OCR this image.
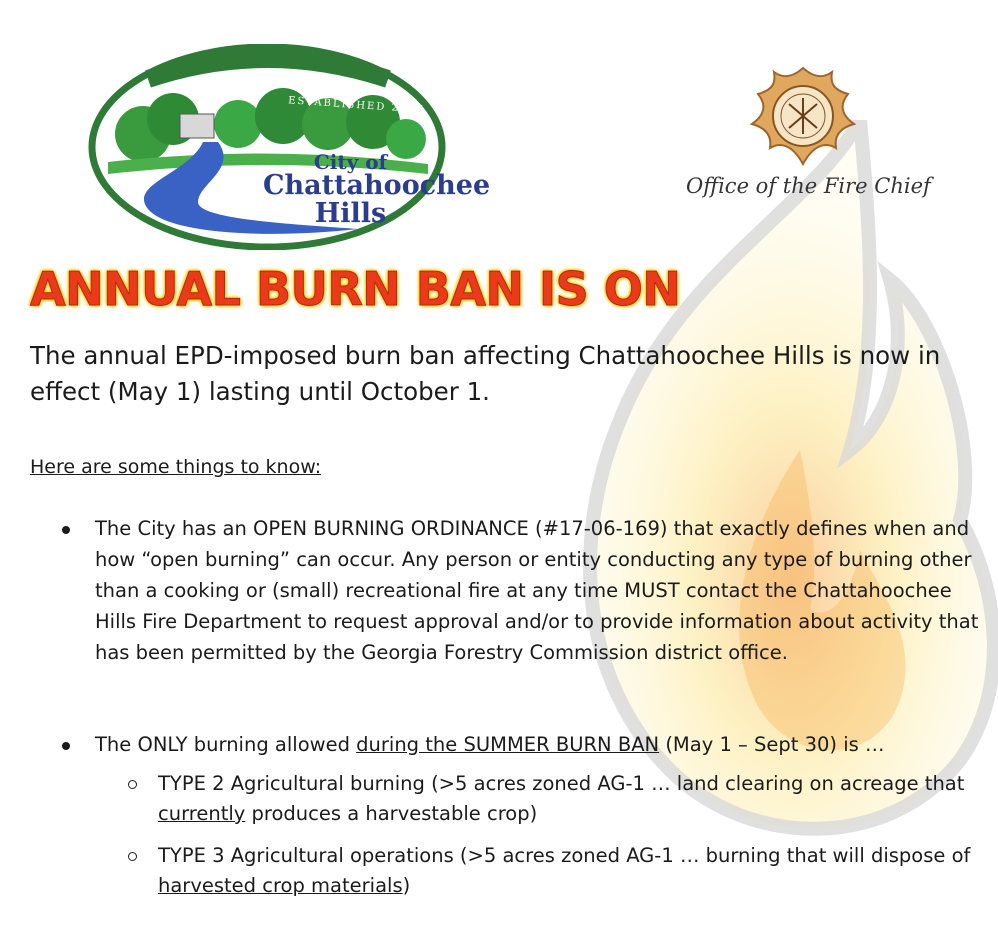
ESTABLISHED 2007
City of
Chattahoochee
Hills
Office of the Fire Chief
ANNUAL BURN BAN IS ON

The annual EPD-imposed burn ban affecting Chattahoochee Hills is now in effect (May 1) lasting until October 1.

Here are some things to know:

The City has an OPEN BURNING ORDINANCE (#17-06-169) that exactly defines when and how “open burning” can occur. Any person or entity conducting any type of burning other than a cooking or (small) recreational fire at any time MUST contact the Chattahoochee Hills Fire Department to request approval and/or to provide information about activity that has been permitted by the Georgia Forestry Commission district office.
The ONLY burning allowed during the SUMMER BURN BAN (May 1 – Sept 30) is …
TYPE 2 Agricultural burning (>5 acres zoned AG-1 … land clearing on acreage that currently produces a harvestable crop)
TYPE 3 Agricultural operations (>5 acres zoned AG-1 … burning that will dispose of harvested crop materials)
